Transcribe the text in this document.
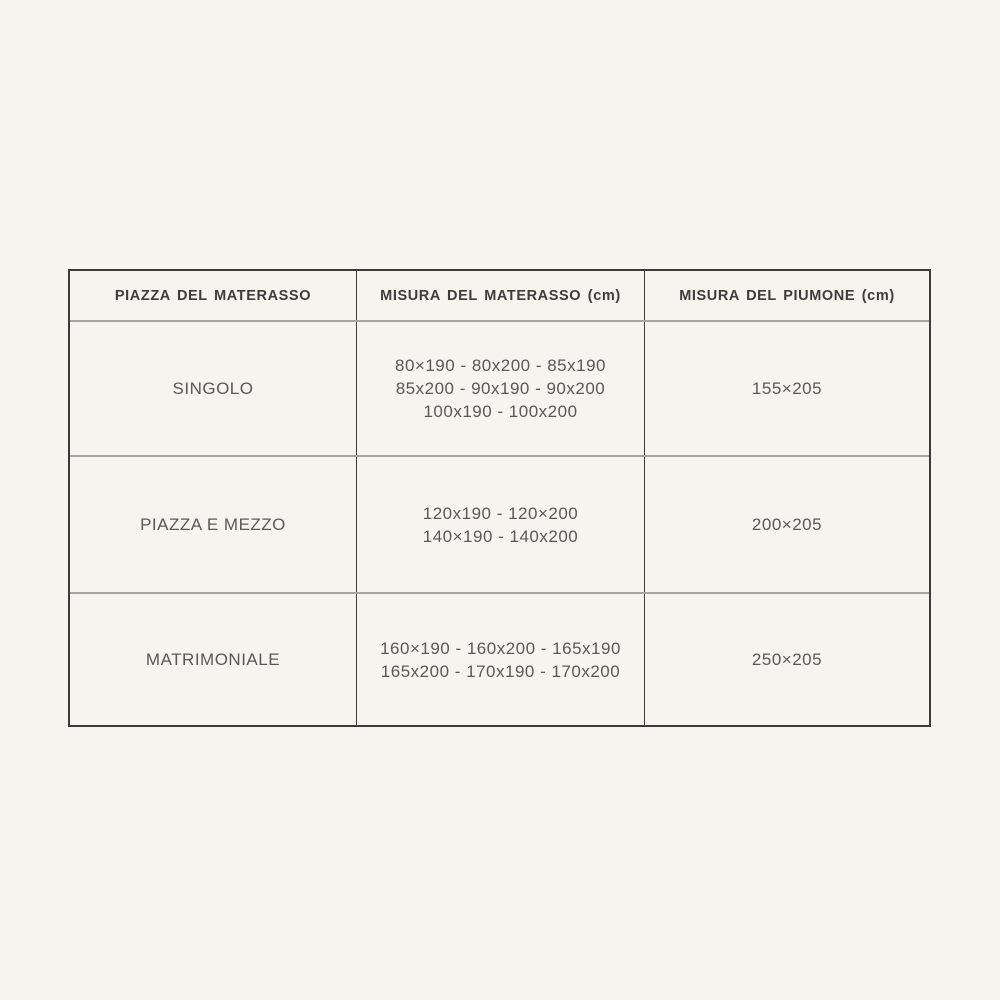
PIAZZA DEL MATERASSO	MISURA DEL MATERASSO (cm)	MISURA DEL PIUMONE (cm)
SINGOLO
80×190 - 80x200 - 85x190
85x200 - 90x190 - 90x200
100x190 - 100x200
155×205
PIAZZA E MEZZO
120x190 - 120×200
140×190 - 140x200
200×205
MATRIMONIALE
160×190 - 160x200 - 165x190
165x200 - 170x190 - 170x200
250×205
